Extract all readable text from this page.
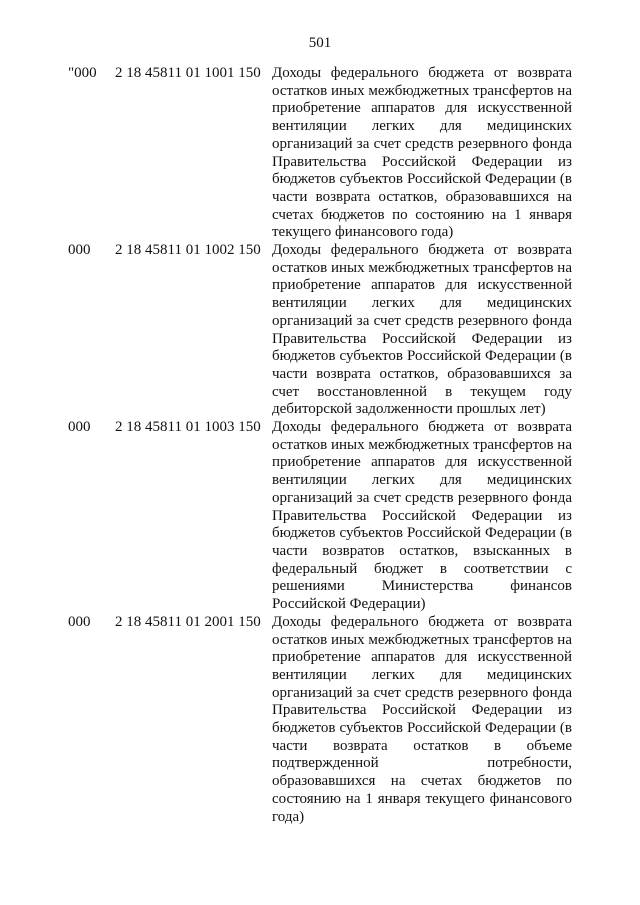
501
"000 2 18 45811 01 1001 150 Доходы федерального бюджета от возврата остатков иных межбюджетных трансфертов на приобретение аппаратов для искусственной вентиляции легких для медицинских организаций за счет средств резервного фонда Правительства Российской Федерации из бюджетов субъектов Российской Федерации (в части возврата остатков, образовавшихся на счетах бюджетов по состоянию на 1 января текущего финансового года)
000 2 18 45811 01 1002 150 Доходы федерального бюджета от возврата остатков иных межбюджетных трансфертов на приобретение аппаратов для искусственной вентиляции легких для медицинских организаций за счет средств резервного фонда Правительства Российской Федерации из бюджетов субъектов Российской Федерации (в части возврата остатков, образовавшихся за счет восстановленной в текущем году дебиторской задолженности прошлых лет)
000 2 18 45811 01 1003 150 Доходы федерального бюджета от возврата остатков иных межбюджетных трансфертов на приобретение аппаратов для искусственной вентиляции легких для медицинских организаций за счет средств резервного фонда Правительства Российской Федерации из бюджетов субъектов Российской Федерации (в части возвратов остатков, взысканных в федеральный бюджет в соответствии с решениями Министерства финансов Российской Федерации)
000 2 18 45811 01 2001 150 Доходы федерального бюджета от возврата остатков иных межбюджетных трансфертов на приобретение аппаратов для искусственной вентиляции легких для медицинских организаций за счет средств резервного фонда Правительства Российской Федерации из бюджетов субъектов Российской Федерации (в части возврата остатков в объеме подтвержденной потребности, образовавшихся на счетах бюджетов по состоянию на 1 января текущего финансового года)
